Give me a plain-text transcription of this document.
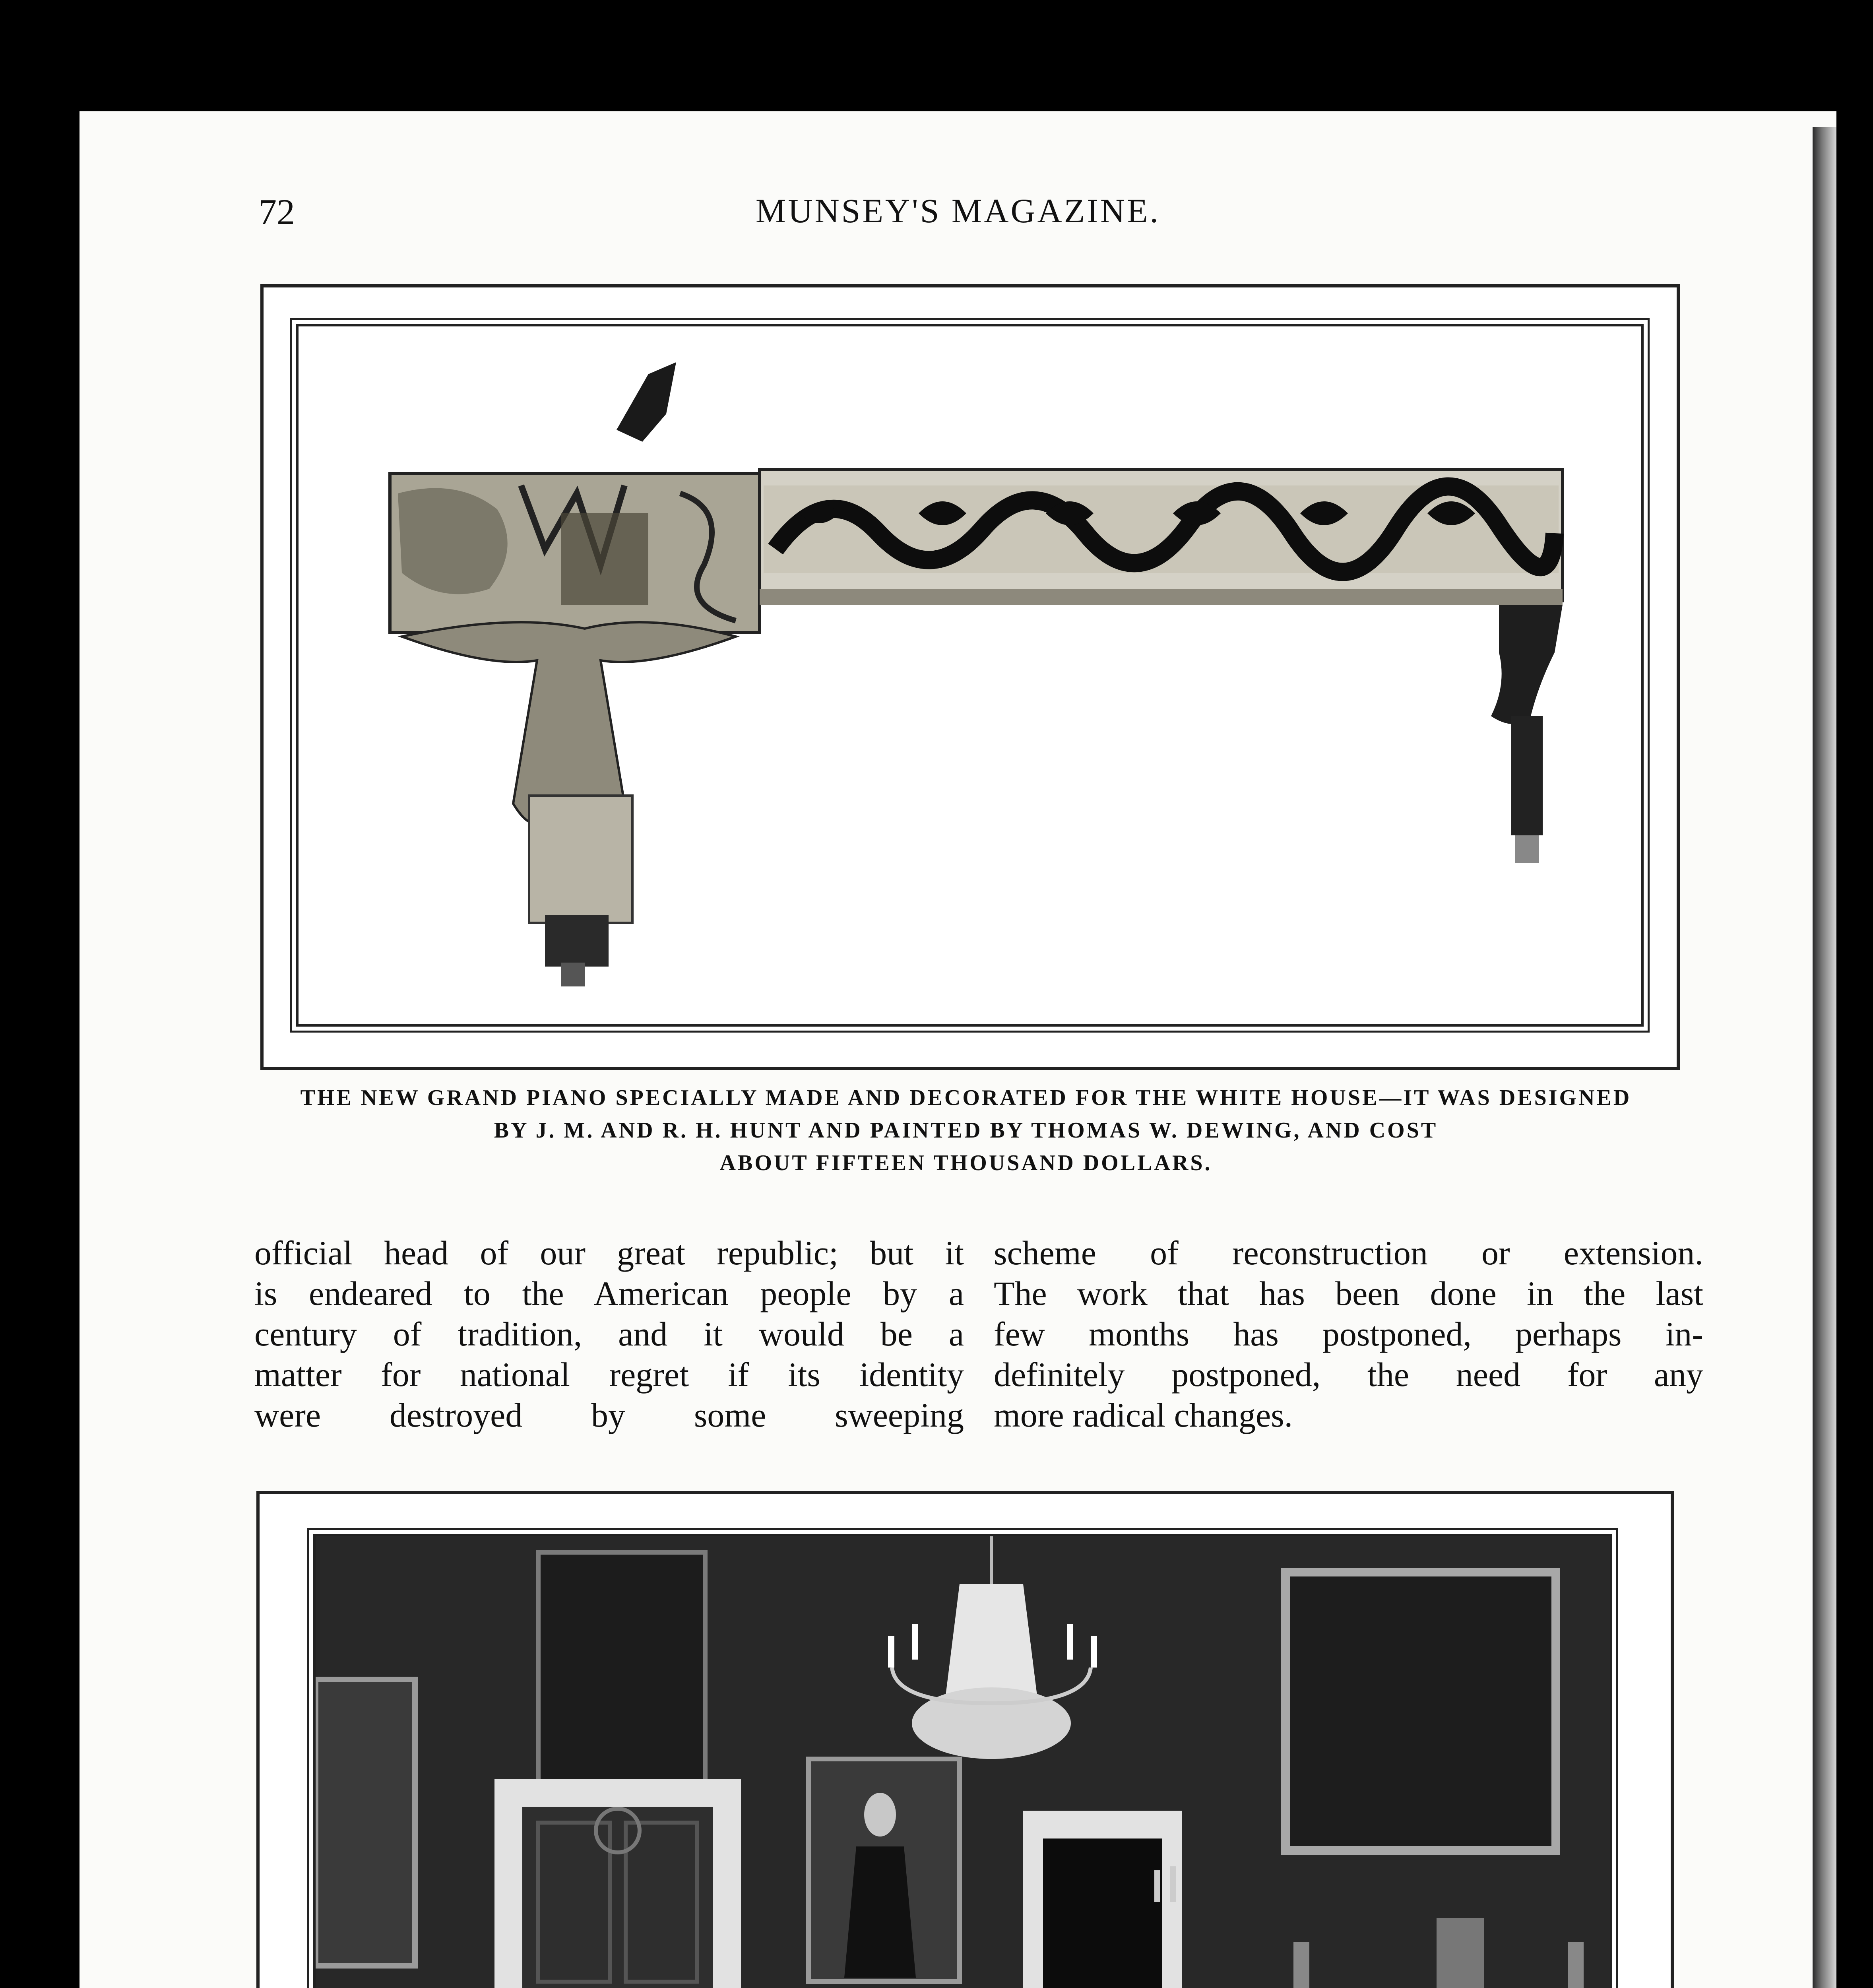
72	MUNSEY'S MAGAZINE.
THE NEW GRAND PIANO SPECIALLY MADE AND DECORATED FOR THE WHITE HOUSE—IT WAS DESIGNED
BY J. M. AND R. H. HUNT AND PAINTED BY THOMAS W. DEWING, AND COST
ABOUT FIFTEEN THOUSAND DOLLARS.
official head of our great republic; but it
is endeared to the American people by a
century of tradition, and it would be a
matter for national regret if its identity
were destroyed by some sweeping
scheme of reconstruction or extension.
The work that has been done in the last
few months has postponed, perhaps in-
definitely postponed, the need for any
more radical changes.
